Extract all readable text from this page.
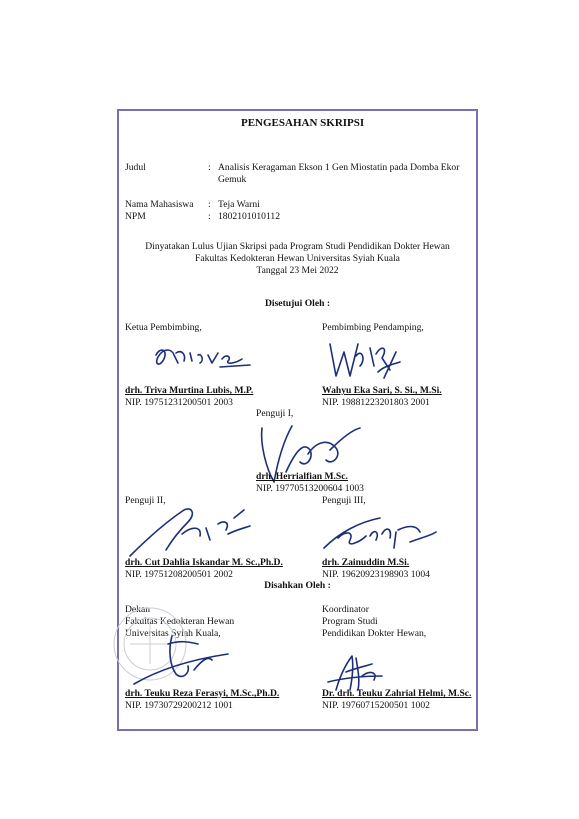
PENGESAHAN SKRIPSI
Judul	: Analisis Keragaman Ekson 1 Gen Miostatin pada Domba Ekor
Gemuk
Nama Mahasiswa : Teja Warni
NPM	: 1802101010112
Dinyatakan Lulus Ujian Skripsi pada Program Studi Pendidikan Dokter Hewan
Fakultas Kedokteran Hewan Universitas Syiah Kuala
Tanggal 23 Mei 2022
Disetujui Oleh :
Ketua Pembimbing,
drh. Triva Murtina Lubis, M.P.
NIP. 19751231200501 2003
Pembimbing Pendamping,
Wahyu Eka Sari, S. Si., M.Si.
NIP. 19881223201803 2001
Penguji I,
drh. Herrialfian M.Sc.
NIP. 19770513200604 1003
Penguji II,
drh. Cut Dahlia Iskandar M. Sc.,Ph.D.
NIP. 19751208200501 2002
Penguji III,
drh. Zainuddin M.Si.
NIP. 19620923198903 1004
Disahkan Oleh :
Dekan
Fakultas Kedokteran Hewan
Universitas Syiah Kuala,
drh. Teuku Reza Ferasyi, M.Sc.,Ph.D.
NIP. 19730729200212 1001
Koordinator
Program Studi
Pendidikan Dokter Hewan,
Dr. drh. Teuku Zahrial Helmi, M.Sc.
NIP. 19760715200501 1002
